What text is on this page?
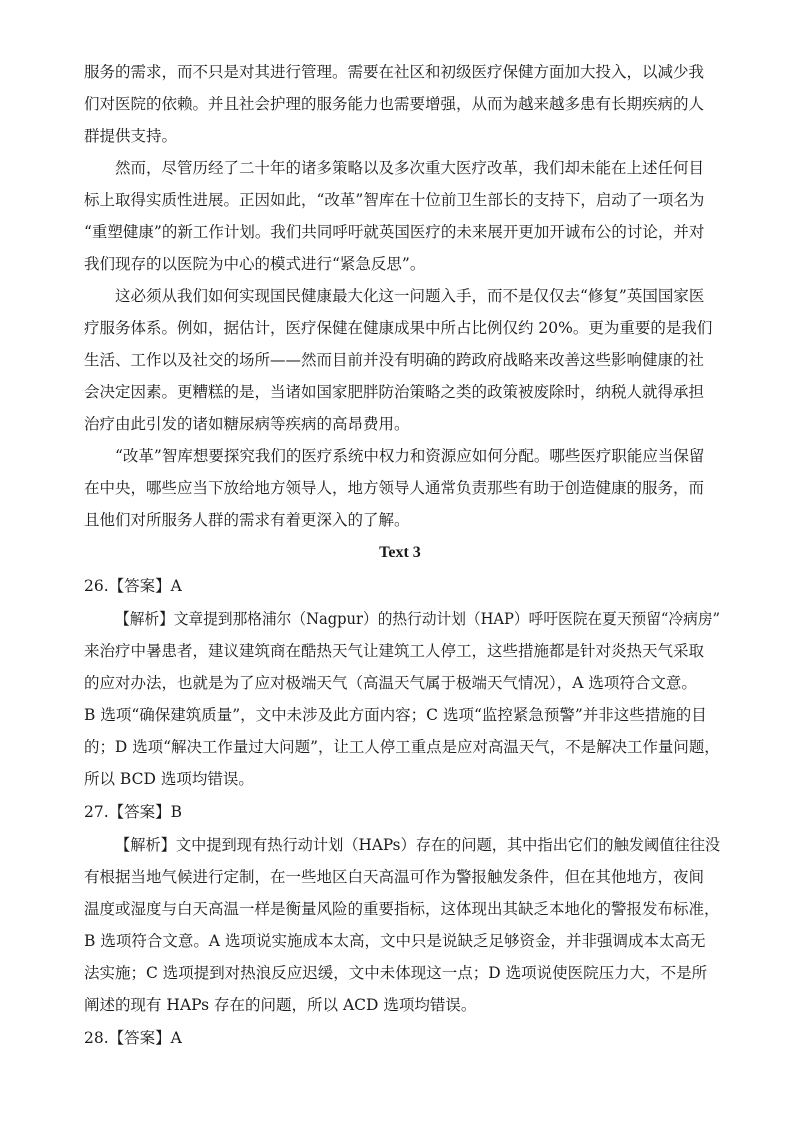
服务的需求，而不只是对其进行管理。需要在社区和初级医疗保健方面加大投入，以减少我
们对医院的依赖。并且社会护理的服务能力也需要增强，从而为越来越多患有长期疾病的人
群提供支持。
然而，尽管历经了二十年的诸多策略以及多次重大医疗改革，我们却未能在上述任何目
标上取得实质性进展。正因如此，“改革”智库在十位前卫生部长的支持下，启动了一项名为
“重塑健康”的新工作计划。我们共同呼吁就英国医疗的未来展开更加开诚布公的讨论，并对
我们现存的以医院为中心的模式进行“紧急反思”。
这必须从我们如何实现国民健康最大化这一问题入手，而不是仅仅去“修复”英国国家医
疗服务体系。例如，据估计，医疗保健在健康成果中所占比例仅约 20%。更为重要的是我们
生活、工作以及社交的场所——然而目前并没有明确的跨政府战略来改善这些影响健康的社
会决定因素。更糟糕的是，当诸如国家肥胖防治策略之类的政策被废除时，纳税人就得承担
治疗由此引发的诸如糖尿病等疾病的高昂费用。
“改革”智库想要探究我们的医疗系统中权力和资源应如何分配。哪些医疗职能应当保留
在中央，哪些应当下放给地方领导人，地方领导人通常负责那些有助于创造健康的服务，而
且他们对所服务人群的需求有着更深入的了解。
Text 3
26.【答案】A
【解析】文章提到那格浦尔（Nagpur）的热行动计划（HAP）呼吁医院在夏天预留“冷病房”
来治疗中暑患者，建议建筑商在酷热天气让建筑工人停工，这些措施都是针对炎热天气采取
的应对办法，也就是为了应对极端天气（高温天气属于极端天气情况），A 选项符合文意。
B 选项“确保建筑质量”，文中未涉及此方面内容；C 选项“监控紧急预警”并非这些措施的目
的；D 选项“解决工作量过大问题”，让工人停工重点是应对高温天气，不是解决工作量问题，
所以 BCD 选项均错误。
27.【答案】B
【解析】文中提到现有热行动计划（HAPs）存在的问题，其中指出它们的触发阈值往往没
有根据当地气候进行定制，在一些地区白天高温可作为警报触发条件，但在其他地方，夜间
温度或湿度与白天高温一样是衡量风险的重要指标，这体现出其缺乏本地化的警报发布标准，
B 选项符合文意。A 选项说实施成本太高，文中只是说缺乏足够资金，并非强调成本太高无
法实施；C 选项提到对热浪反应迟缓，文中未体现这一点；D 选项说使医院压力大，不是所
阐述的现有 HAPs 存在的问题，所以 ACD 选项均错误。
28.【答案】A
